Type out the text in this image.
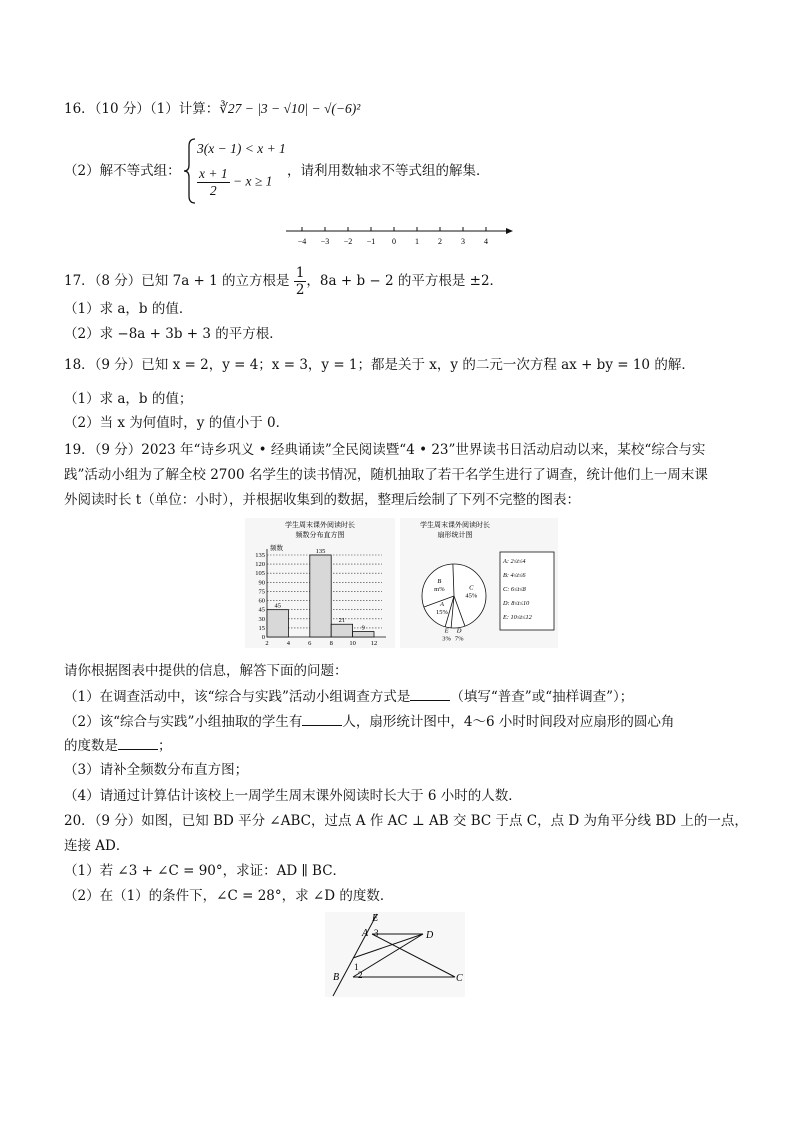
16．（10 分）（1）计算：∛27 − |3 − √10| − √(−6)²
（2）解不等式组：
3(x − 1) < x + 1
$\frac{x + 1}{2} - x \ge 1$
，请利用数轴求不等式组的解集．
−4 −3 −2 −1 0 1 2 3 4
17．（8 分）已知 7a + 1 的立方根是 $\frac{1}{2}$ ，8a + b − 2 的平方根是 ±2．
（1）求 a，b 的值．
（2）求 −8a + 3b + 3 的平方根．
18．（9 分）已知 x = 2，y = 4；x = 3，y = 1；都是关于 x，y 的二元一次方程 ax + by = 10 的解．
（1）求 a，b 的值；
（2）当 x 为何值时，y 的值小于 0．
19．（9 分）2023 年“诗乡巩义 • 经典诵读”全民阅读暨“4 • 23”世界读书日活动启动以来，某校“综合与实
践”活动小组为了解全校 2700 名学生的读书情况，随机抽取了若干名学生进行了调查，统计他们上一周末课
外阅读时长 t（单位：小时），并根据收集到的数据，整理后绘制了下列不完整的图表：
学生周末课外阅读时长
频数分布直方图
频数
0
15
30
45
60
75
90
105
120
135
2	4	6	8	10 12
45
135
21
9
学生周末课外阅读时长
扇形统计图
A
15%
B
m%	C
45%
D
7%
E
3%
A: 2≤t≤4
B: 4≤t≤6
C: 6≤t≤8
D: 8≤t≤10
E: 10≤t≤12
请你根据图表中提供的信息，解答下面的问题：
（1）在调查活动中，该“综合与实践”活动小组调查方式是	（填写“普查”或“抽样调查”）；
（2）该“综合与实践”小组抽取的学生有	人，扇形统计图中，4～6 小时时间段对应扇形的圆心角
的度数是	；
（3）请补全频数分布直方图；
（4）请通过计算估计该校上一周学生周末课外阅读时长大于 6 小时的人数．
20．（9 分）如图，已知 BD 平分 ∠ABC，过点 A 作 AC ⊥ AB 交 BC 于点 C，点 D 为角平分线 BD 上的一点，
连接 AD．
（1）若 ∠3 + ∠C = 90°，求证：AD ∥ BC．
（2）在（1）的条件下，∠C = 28°，求 ∠D 的度数．
E
A 3	D
B
1
2	C
